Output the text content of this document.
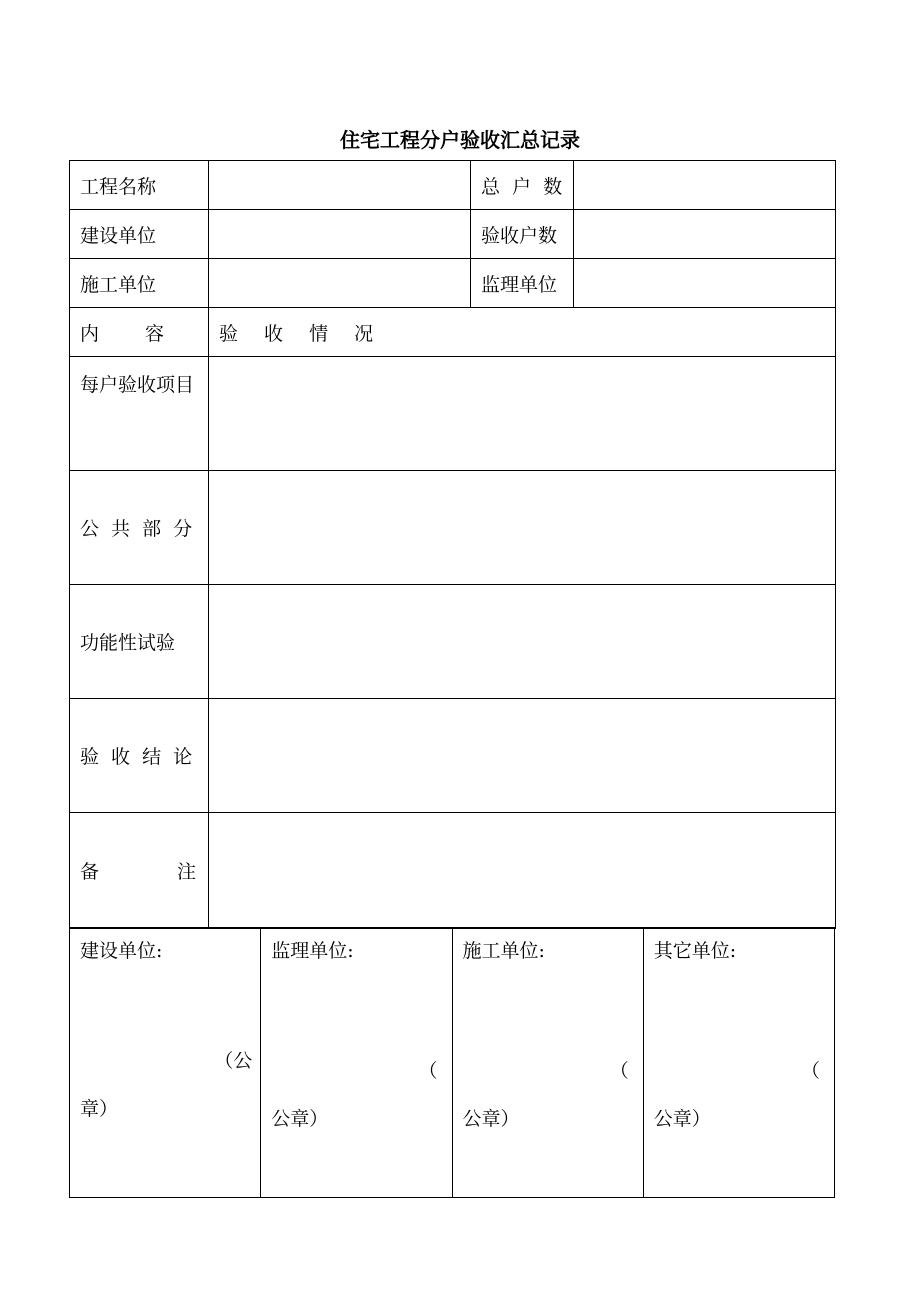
住宅工程分户验收汇总记录
工程名称		总 户 数	

建设单位		验收户数	
施工单位		监理单位	
内 容	验 收 情 况		
每户验收项目			
公 共 部 分			
功能性试验			
验 收 结 论			
备 注			
建设单位:
（公
章）

监理单位:
（
公章）

施工单位:
（
公章）

其它单位:
（
公章）
